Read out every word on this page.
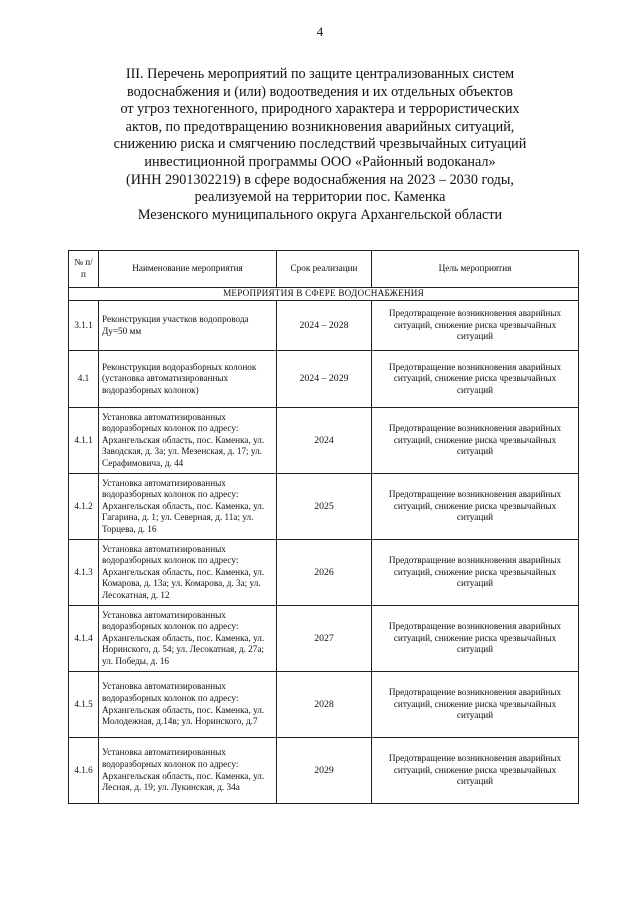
4
III. Перечень мероприятий по защите централизованных систем
водоснабжения и (или) водоотведения и их отдельных объектов
от угроз техногенного, природного характера и террористических
актов, по предотвращению возникновения аварийных ситуаций,
снижению риска и смягчению последствий чрезвычайных ситуаций
инвестиционной программы ООО «Районный водоканал»
(ИНН 2901302219) в сфере водоснабжения на 2023 – 2030 годы,
реализуемой на территории пос. Каменка
Мезенского муниципального округа Архангельской области
№ п/п	Наименование мероприятия	Срок реализации	Цель мероприятия
МЕРОПРИЯТИЯ В СФЕРЕ ВОДОСНАБЖЕНИЯ			
3.1.1	Реконструкция участков водопровода Ду=50 мм	2024 – 2028	Предотвращение возникновения аварийных ситуаций, снижение риска чрезвычайных ситуаций
4.1	Реконструкция водоразборных колонок (установка автоматизированных водоразборных колонок)	2024 – 2029	Предотвращение возникновения аварийных ситуаций, снижение риска чрезвычайных ситуаций
4.1.1	Установка автоматизированных водоразборных колонок по адресу: Архангельская область, пос. Каменка, ул. Заводская, д. 3а; ул. Мезенская, д. 17; ул. Серафимовича, д. 44	2024	Предотвращение возникновения аварийных ситуаций, снижение риска чрезвычайных ситуаций
4.1.2	Установка автоматизированных водоразборных колонок по адресу: Архангельская область, пос. Каменка, ул. Гагарина, д. 1; ул. Северная, д. 11а; ул. Торцева, д. 16	2025	Предотвращение возникновения аварийных ситуаций, снижение риска чрезвычайных ситуаций
4.1.3	Установка автоматизированных водоразборных колонок по адресу: Архангельская область, пос. Каменка, ул. Комарова, д. 13а; ул. Комарова, д. 3а; ул. Лесокатная, д. 12	2026	Предотвращение возникновения аварийных ситуаций, снижение риска чрезвычайных ситуаций
4.1.4	Установка автоматизированных водоразборных колонок по адресу: Архангельская область, пос. Каменка, ул. Норинского, д. 54; ул. Лесокатная, д. 27а; ул. Победы, д. 16	2027	Предотвращение возникновения аварийных ситуаций, снижение риска чрезвычайных ситуаций
4.1.5	Установка автоматизированных водоразборных колонок по адресу: Архангельская область, пос. Каменка, ул. Молодежная, д.14в; ул. Норинского, д.7	2028	Предотвращение возникновения аварийных ситуаций, снижение риска чрезвычайных ситуаций
4.1.6	Установка автоматизированных водоразборных колонок по адресу: Архангельская область, пос. Каменка, ул. Лесная, д. 19; ул. Лукинская, д. 34а	2029	Предотвращение возникновения аварийных ситуаций, снижение риска чрезвычайных ситуаций
